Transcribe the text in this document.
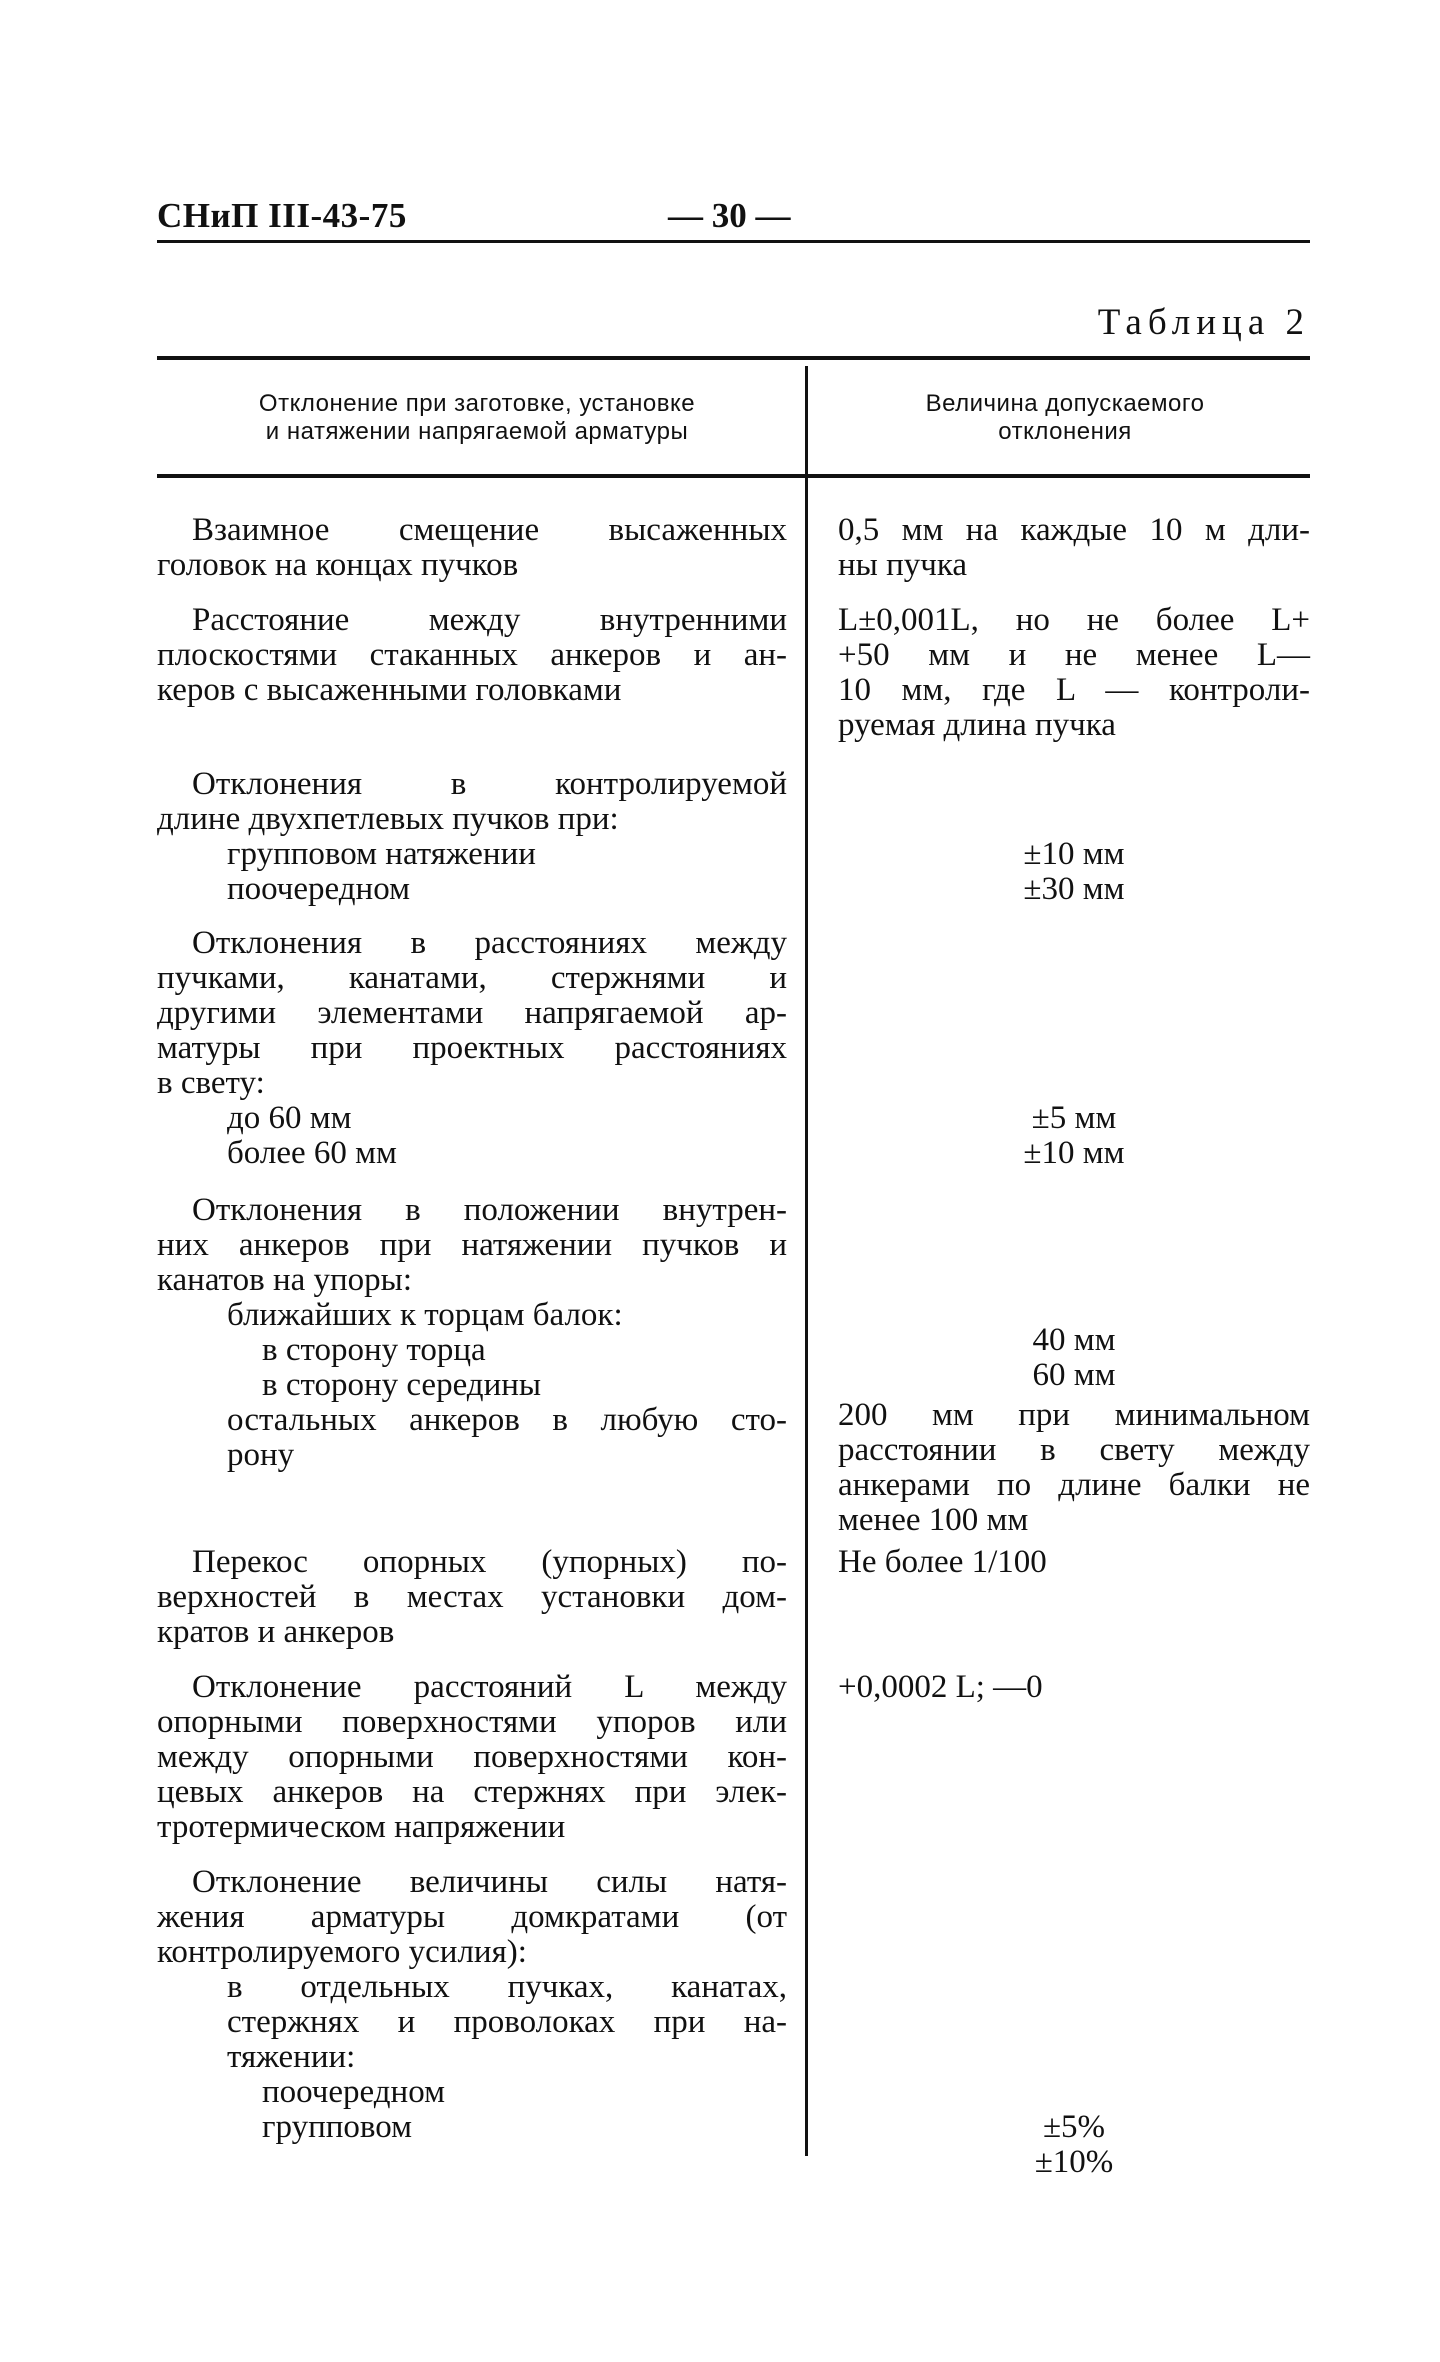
СНиП III-43-75	— 30 —
Таблица 2
Отклонение при заготовке, установке
и натяжении напрягаемой арматуры
Величина допускаемого
отклонения
Взаимное смещение высаженных
головок на концах пучков
0,5 мм на каждые 10 м дли-
ны пучка
Расстояние между внутренними
плоскостями стаканных анкеров и ан-
керов с высаженными головками
L±0,001L, но не более L+
+50 мм и не менее L—
10 мм, где L — контроли-
руемая длина пучка
Отклонения в контролируемой
длине двухпетлевых пучков при:
групповом натяжении
поочередном
±10 мм
±30 мм
Отклонения в расстояниях между
пучками, канатами, стержнями и
другими элементами напрягаемой ар-
матуры при проектных расстояниях
в свету:
до 60 мм
более 60 мм
±5 мм
±10 мм
Отклонения в положении внутрен-
них анкеров при натяжении пучков и
канатов на упоры:
ближайших к торцам балок:
в сторону торца
в сторону середины
остальных анкеров в любую сто-
рону
40 мм
60 мм
200 мм при минимальном
расстоянии в свету между
анкерами по длине балки не
менее 100 мм
Перекос опорных (упорных) по-
верхностей в местах установки дом-
кратов и анкеров
Не более 1/100
Отклонение расстояний L между
опорными поверхностями упоров или
между опорными поверхностями кон-
цевых анкеров на стержнях при элек-
тротермическом напряжении
+0,0002 L; —0
Отклонение величины силы натя-
жения арматуры домкратами (от
контролируемого усилия):
в отдельных пучках, канатах,
стержнях и проволоках при на-
тяжении:
поочередном
групповом	±5%
±10%
